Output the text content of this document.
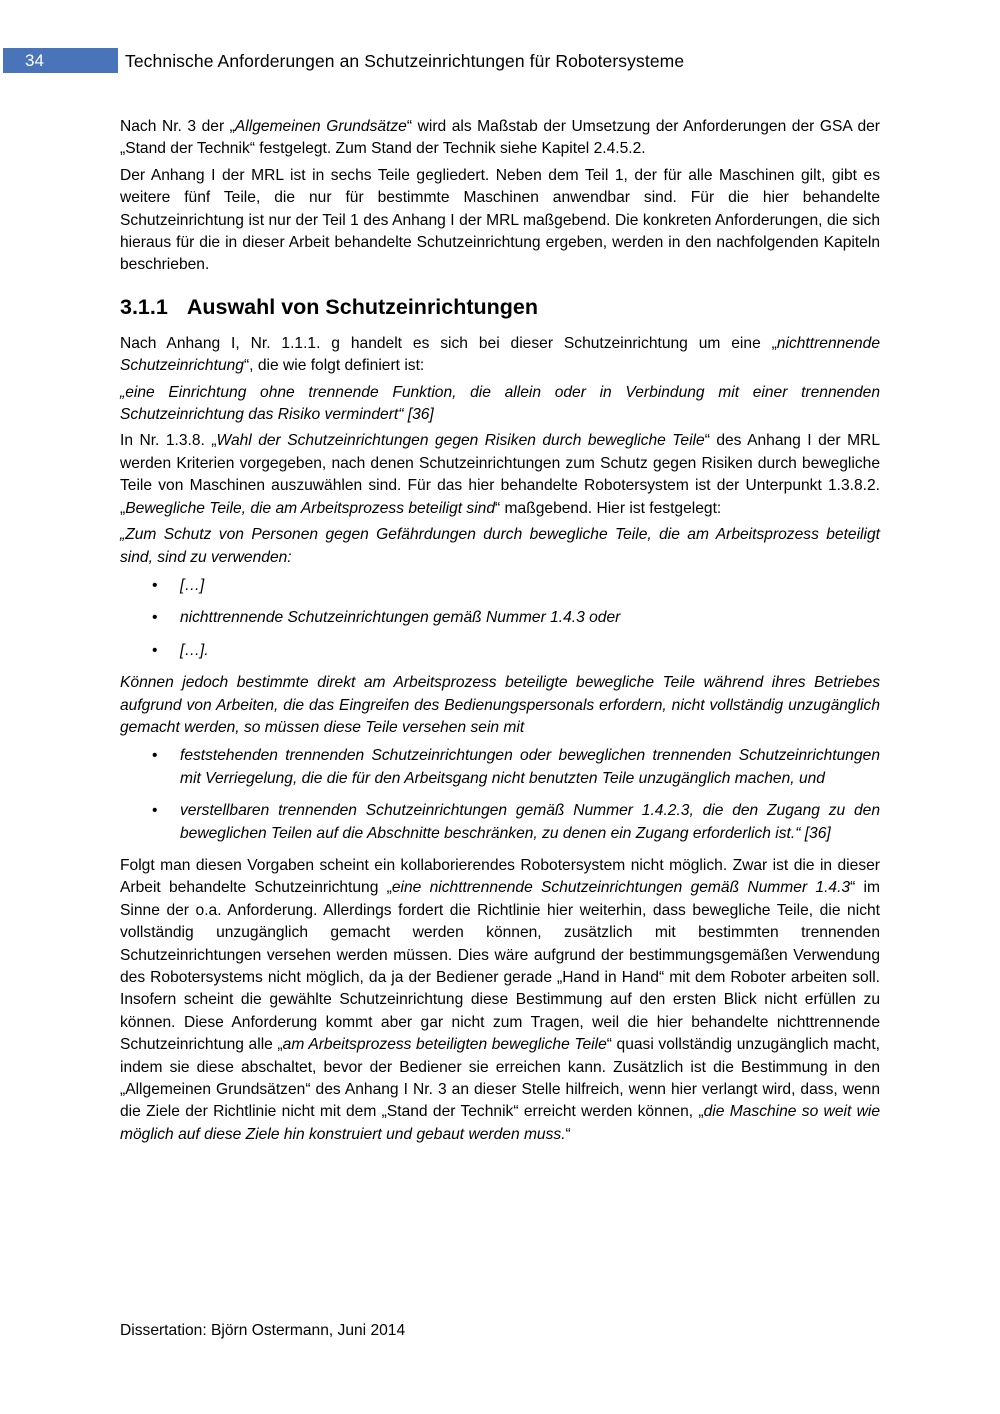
34	Technische Anforderungen an Schutzeinrichtungen für Robotersysteme

Nach Nr. 3 der „Allgemeinen Grundsätze“ wird als Maßstab der Umsetzung der Anforderungen der GSA der „Stand der Technik“ festgelegt. Zum Stand der Technik siehe Kapitel 2.4.5.2.

Der Anhang I der MRL ist in sechs Teile gegliedert. Neben dem Teil 1, der für alle Maschinen gilt, gibt es weitere fünf Teile, die nur für bestimmte Maschinen anwendbar sind. Für die hier behandelte Schutzeinrichtung ist nur der Teil 1 des Anhang I der MRL maßgebend. Die konkreten Anforderungen, die sich hieraus für die in dieser Arbeit behandelte Schutzeinrichtung ergeben, werden in den nachfolgenden Kapiteln beschrieben.

3.1.1 Auswahl von Schutzeinrichtungen

Nach Anhang I, Nr. 1.1.1. g handelt es sich bei dieser Schutzeinrichtung um eine „nichttrennende Schutzeinrichtung“, die wie folgt definiert ist:

„eine Einrichtung ohne trennende Funktion, die allein oder in Verbindung mit einer trennenden Schutzeinrichtung das Risiko vermindert“ [36]

In Nr. 1.3.8. „Wahl der Schutzeinrichtungen gegen Risiken durch bewegliche Teile“ des Anhang I der MRL werden Kriterien vorgegeben, nach denen Schutzeinrichtungen zum Schutz gegen Risiken durch bewegliche Teile von Maschinen auszuwählen sind. Für das hier behandelte Robotersystem ist der Unterpunkt 1.3.8.2. „Bewegliche Teile, die am Arbeitsprozess beteiligt sind“ maßgebend. Hier ist festgelegt:

„Zum Schutz von Personen gegen Gefährdungen durch bewegliche Teile, die am Arbeitsprozess beteiligt sind, sind zu verwenden:

•	[…]
•	nichttrennende Schutzeinrichtungen gemäß Nummer 1.4.3 oder
•	[…].

Können jedoch bestimmte direkt am Arbeitsprozess beteiligte bewegliche Teile während ihres Betriebes aufgrund von Arbeiten, die das Eingreifen des Bedienungspersonals erfordern, nicht vollständig unzugänglich gemacht werden, so müssen diese Teile versehen sein mit

•	feststehenden trennenden Schutzeinrichtungen oder beweglichen trennenden Schutzeinrichtungen mit Verriegelung, die die für den Arbeitsgang nicht benutzten Teile unzugänglich machen, und
•	verstellbaren trennenden Schutzeinrichtungen gemäß Nummer 1.4.2.3, die den Zugang zu den beweglichen Teilen auf die Abschnitte beschränken, zu denen ein Zugang erforderlich ist.“ [36]

Folgt man diesen Vorgaben scheint ein kollaborierendes Robotersystem nicht möglich. Zwar ist die in dieser Arbeit behandelte Schutzeinrichtung „eine nichttrennende Schutzeinrichtungen gemäß Nummer 1.4.3“ im Sinne der o.a. Anforderung. Allerdings fordert die Richtlinie hier weiterhin, dass bewegliche Teile, die nicht vollständig unzugänglich gemacht werden können, zusätzlich mit bestimmten trennenden Schutzeinrichtungen versehen werden müssen. Dies wäre aufgrund der bestimmungsgemäßen Verwendung des Robotersystems nicht möglich, da ja der Bediener gerade „Hand in Hand“ mit dem Roboter arbeiten soll. Insofern scheint die gewählte Schutzeinrichtung diese Bestimmung auf den ersten Blick nicht erfüllen zu können. Diese Anforderung kommt aber gar nicht zum Tragen, weil die hier behandelte nichttrennende Schutzeinrichtung alle „am Arbeitsprozess beteiligten bewegliche Teile“ quasi vollständig unzugänglich macht, indem sie diese abschaltet, bevor der Bediener sie erreichen kann. Zusätzlich ist die Bestimmung in den „Allgemeinen Grundsätzen“ des Anhang I Nr. 3 an dieser Stelle hilfreich, wenn hier verlangt wird, dass, wenn die Ziele der Richtlinie nicht mit dem „Stand der Technik“ erreicht werden können, „die Maschine so weit wie möglich auf diese Ziele hin konstruiert und gebaut werden muss.“

Dissertation: Björn Ostermann, Juni 2014
